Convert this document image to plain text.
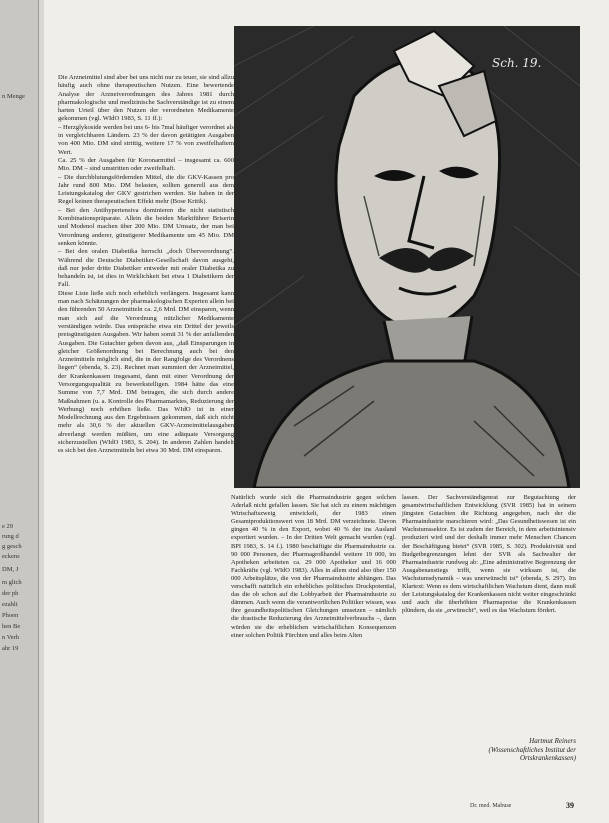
n Menge
e 29
rung d
g gesch
eckens
DM, J
m glich
der ph
ezahlt
Phoen
hen Be
n Verh
ahr 19

Die Arzneimittel sind aber bei uns nicht nur zu teuer, sie sind allzu häufig auch ohne therapeutischen Nutzen. Eine bewertende Analyse der Arzneiverordnungen des Jahres 1981 durch pharmakologische und medizinische Sachverständige ist zu einem harten Urteil über den Nutzen der verordneten Medikamente gekommen (vgl. WIdO 1983, S. 11 ff.):

– Herzglykoside werden bei uns 6- bis 7mal häufiger verordnet als in vergleichbaren Ländern. 23 % der davon getätigten Ausgaben von 400 Mio. DM sind strittig, weitere 17 % von zweifelhaftem Wert.

Ca. 25 % der Ausgaben für Koronarmittel – insgesamt ca. 600 Mio. DM – sind umstritten oder zweifelhaft.

– Die durchblutungsfördernden Mittel, die die GKV-Kassen pro Jahr rund 800 Mio. DM belasten, sollten generell aus dem Leistungskatalog der GKV gestrichen werden. Sie haben in der Regel keinen therapeutischen Effekt mehr (Bose Kritik).

– Bei den Antihypertensiva dominieren die nicht statistisch Kombinationspräparate. Allein die beiden Marktführer Briserin und Modenol machen über 200 Mio. DM Umsatz, der man bei Verordnung anderer, günstigerer Medikamente um 45 Mio. DM senken könnte.

– Bei den oralen Diabetika herrscht „doch Überverordnung“. Während die Deutsche Diabetiker-Gesellschaft davon ausgeht, daß nur jeder dritte Diabetiker entweder mit oraler Diabetika zu behandeln ist, ist dies in Wirklichkeit bei etwa 1 Diabetikern der Fall.

Diese Liste ließe sich noch erheblich verlängern. Insgesamt kann man nach Schätzungen der pharmakologischen Experten allein bei den führenden 50 Arzneimitteln ca. 2,6 Mrd. DM einsparen, wenn man sich auf die Verordnung nützlicher Medikamente verständigen würde. Das entspräche etwa ein Drittel der jeweils preisgünstigsten Ausgaben. Wir haben somit 31 % der anfallenden Ausgaben. Die Gutachter geben davon aus, „daß Einsparungen in gleicher Größenordnung bei Berechnung auch bei den Arzneimitteln möglich sind, die in der Rangfolge des Verordnens liegen“ (ebenda, S. 23). Rechnet man summiert der Arzneimittel, der Krankenkassen insgesamt, dann mit einer Verordnung der Versorgungsqualität zu bewerkstelligen. 1984 hätte das eine Summe von 7,7 Mrd. DM betragen, die sich durch andere Maßnahmen (u. a. Kontrolle des Pharmamarktes, Reduzierung der Werbung) noch erhöhen ließe. Das WIdO ist in einer Modellrechnung aus den Ergebnissen gekommen, daß sich nicht mehr als 30,6 % der aktuellen GKV-Arzneimittelausgaben abverlangt werden müßten, um eine adäquate Versorgung sicherzustellen (WIdO 1983, S. 204). In anderen Zahlen handelt es sich bei den Arzneimitteln bei etwa 30 Mrd. DM einsparen.

Sch. 19.
Natürlich wurde sich die Pharmaindustrie gegen solchen Aderlaß nicht gefallen lassen. Sie hat sich zu einem mächtigen Wirtschaftszweig entwickelt, der 1983 einen Gesamtproduktionswert von 18 Mrd. DM verzeichnete. Davon gingen 40 % in den Export, wobei 40 % der ins Ausland exportiert wurden. – In der Dritten Welt gemacht wurden (vgl. BPI 1983, S. 14 f.). 1980 beschäftigte die Pharmaindustrie ca. 90 000 Personen, der Pharmagroßhandel weitere 19 000, im Apotheken arbeiteten ca. 29 000 Apotheker und 16 000 Fachkräfte (vgl. WIdO 1983). Alles in allem sind also über 150 000 Arbeitsplätze, die von der Pharmaindustrie abhängen. Das verschafft natürlich ein erhebliches politisches Druckpotential, das die ob schon auf die Lobbyarbeit der Pharmaindustrie zu dämmen. Auch wenn die verantwortlichen Politiker wissen, was ihre gesundheitspolitischen Gleichungen umsetzen – nämlich die drastische Reduzierung des Arzneimittelverbrauchs –, dann würden sie die erheblichen wirtschaftlichen Konsequenzen einer solchen Politik Fürchten und alles beim Alten
lassen. Der Sachverständigenrat zur Begutachtung der gesamtwirtschaftlichen Entwicklung (SVR 1985) hat in seinem jüngsten Gutachten die Richtung angegeben, nach der die Pharmaindustrie marschieren wird: „Das Gesundheitswesen ist ein Wachstumssektor. Es ist zudem der Bereich, in dem arbeitsintensiv produziert wird und der deshalb immer mehr Menschen Chancen der Beschäftigung bietet“ (SVR 1985, S. 302). Produktivität und Budgetbegrenzungen lehnt der SVR als Sachwalter der Pharmaindustrie rundweg ab: „Eine administrative Begrenzung der Ausgabenanstiegs trifft, wenn sie wirksam ist, die Wachstumsdynamik – was unerwünscht ist“ (ebenda, S. 297). Im Klartext: Wenn es dem wirtschaftlichen Wachstum dient, dann muß der Leistungskatalog der Krankenkassen nicht weiter eingeschränkt und auch die überhöhten Pharmapreise die Krankenkassen plündern, da sie „erwünscht“, weil es das Wachstum fördert.
Hartmut Reiners
(Wissenschaftliches Institut der Ortskrankenkassen)
Dr. med. Mabuse	39
